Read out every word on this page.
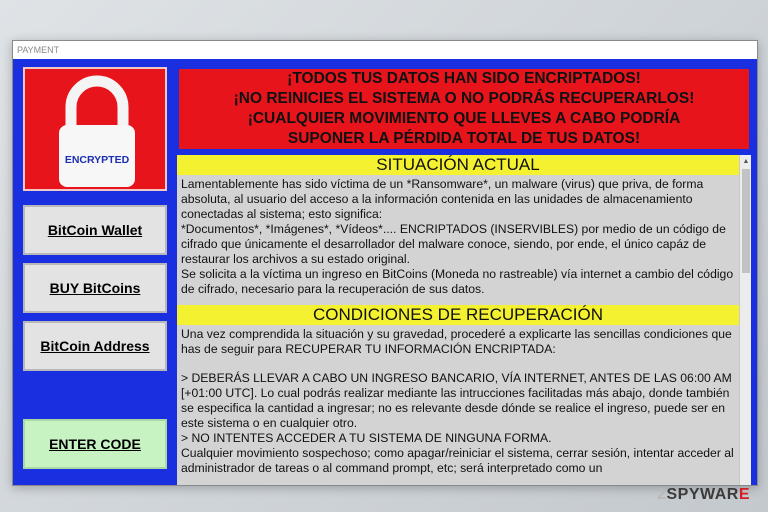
PAYMENT
ENCRYPTED
BitCoin Wallet
BUY BitCoins
BitCoin Address
ENTER CODE
¡TODOS TUS DATOS HAN SIDO ENCRIPTADOS!
¡NO REINICIES EL SISTEMA O NO PODRÁS RECUPERARLOS!
¡CUALQUIER MOVIMIENTO QUE LLEVES A CABO PODRÍA
SUPONER LA PÉRDIDA TOTAL DE TUS DATOS!
SITUACIÓN ACTUAL
Lamentablemente has sido víctima de un *Ransomware*, un malware (virus) que priva, de forma absoluta, al usuario del acceso a la información contenida en las unidades de almacenamiento conectadas al sistema; esto significa:
*Documentos*, *Imágenes*, *Vídeos*.... ENCRIPTADOS (INSERVIBLES) por medio de un código de cifrado que únicamente el desarrollador del malware conoce, siendo, por ende, el único capáz de restaurar los archivos a su estado original.
Se solicita a la víctima un ingreso en BitCoins (Moneda no rastreable) vía internet a cambio del código de cifrado, necesario para la recuperación de sus datos.
CONDICIONES DE RECUPERACIÓN
Una vez comprendida la situación y su gravedad, procederé a explicarte las sencillas condiciones que has de seguir para RECUPERAR TU INFORMACIÓN ENCRIPTADA:
> DEBERÁS LLEVAR A CABO UN INGRESO BANCARIO, VÍA INTERNET, ANTES DE LAS 06:00 AM [+01:00 UTC]. Lo cual podrás realizar mediante las intrucciones facilitadas más abajo, donde también se especifica la cantidad a ingresar; no es relevante desde dónde se realice el ingreso, puede ser en este sistema o en cualquier otro.
> NO INTENTES ACCEDER A TU SISTEMA DE NINGUNA FORMA.
Cualquier movimiento sospechoso; como apagar/reiniciar el sistema, cerrar sesión, intentar acceder al administrador de tareas o al command prompt, etc; será interpretado como un
▲
2SPYWARE
